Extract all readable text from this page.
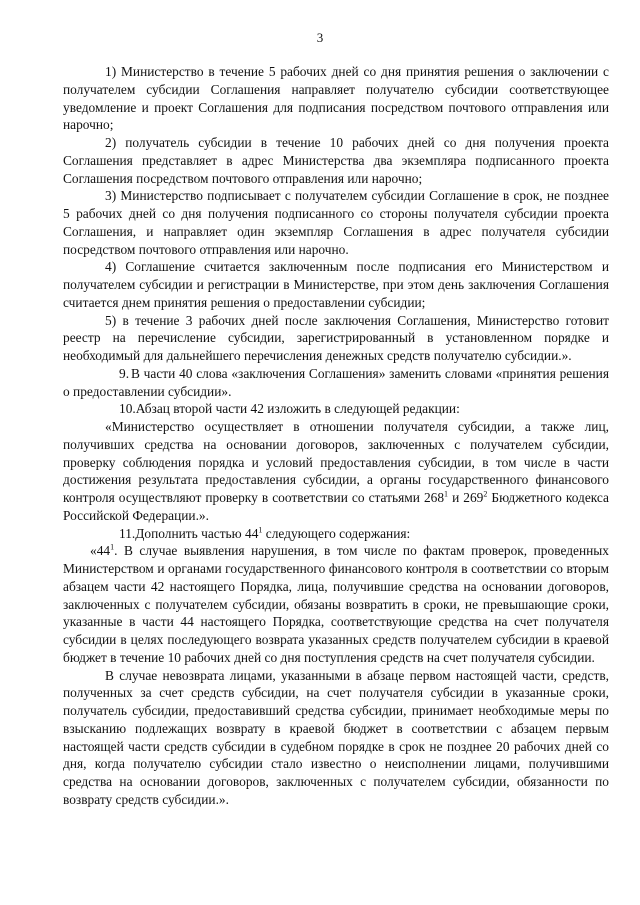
3

1) Министерство в течение 5 рабочих дней со дня принятия решения о заключении с получателем субсидии Соглашения направляет получателю субсидии соответствующее уведомление и проект Соглашения для подписания посредством почтового отправления или нарочно;

2) получатель субсидии в течение 10 рабочих дней со дня получения проекта Соглашения представляет в адрес Министерства два экземпляра подписанного проекта Соглашения посредством почтового отправления или нарочно;

3) Министерство подписывает с получателем субсидии Соглашение в срок, не позднее 5 рабочих дней со дня получения подписанного со стороны получателя субсидии проекта Соглашения, и направляет один экземпляр Соглашения в адрес получателя субсидии посредством почтового отправления или нарочно.

4) Соглашение считается заключенным после подписания его Министерством и получателем субсидии и регистрации в Министерстве, при этом день заключения Соглашения считается днем принятия решения о предоставлении субсидии;

5) в течение 3 рабочих дней после заключения Соглашения, Министерство готовит реестр на перечисление субсидии, зарегистрированный в установленном порядке и необходимый для дальнейшего перечисления денежных средств получателю субсидии.».

9. В части 40 слова «заключения Соглашения» заменить словами «принятия решения о предоставлении субсидии».

10.Абзац второй части 42 изложить в следующей редакции:

«Министерство осуществляет в отношении получателя субсидии, а также лиц, получивших средства на основании договоров, заключенных с получателем субсидии, проверку соблюдения порядка и условий предоставления субсидии, в том числе в части достижения результата предоставления субсидии, а органы государственного финансового контроля осуществляют проверку в соответствии со статьями $268^1$ и $269^2$ Бюджетного кодекса Российской Федерации.».

11.Дополнить частью $44^1$ следующего содержания:

«$44^1$. В случае выявления нарушения, в том числе по фактам проверок, проведенных Министерством и органами государственного финансового контроля в соответствии со вторым абзацем части 42 настоящего Порядка, лица, получившие средства на основании договоров, заключенных с получателем субсидии, обязаны возвратить в сроки, не превышающие сроки, указанные в части 44 настоящего Порядка, соответствующие средства на счет получателя субсидии в целях последующего возврата указанных средств получателем субсидии в краевой бюджет в течение 10 рабочих дней со дня поступления средств на счет получателя субсидии.

В случае невозврата лицами, указанными в абзаце первом настоящей части, средств, полученных за счет средств субсидии, на счет получателя субсидии в указанные сроки, получатель субсидии, предоставивший средства субсидии, принимает необходимые меры по взысканию подлежащих возврату в краевой бюджет в соответствии с абзацем первым настоящей части средств субсидии в судебном порядке в срок не позднее 20 рабочих дней со дня, когда получателю субсидии стало известно о неисполнении лицами, получившими средства на основании договоров, заключенных с получателем субсидии, обязанности по возврату средств субсидии.».
